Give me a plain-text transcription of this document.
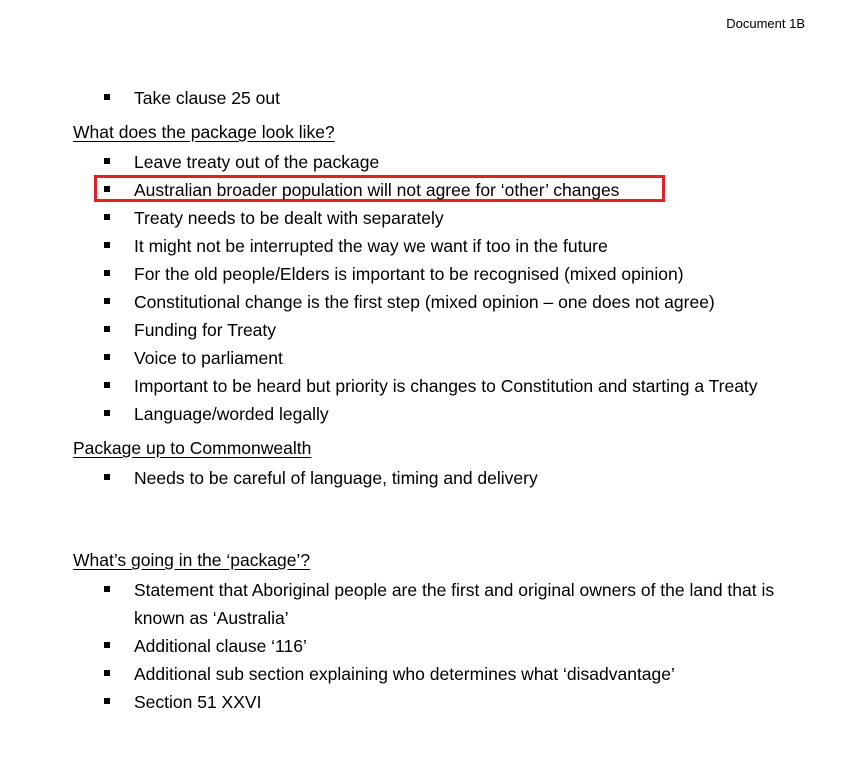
Document 1B
Take clause 25 out
What does the package look like?
Leave treaty out of the package
Australian broader population will not agree for ‘other’ changes
Treaty needs to be dealt with separately
It might not be interrupted the way we want if too in the future
For the old people/Elders is important to be recognised (mixed opinion)
Constitutional change is the first step (mixed opinion – one does not agree)
Funding for Treaty
Voice to parliament
Important to be heard but priority is changes to Constitution and starting a Treaty
Language/worded legally
Package up to Commonwealth
Needs to be careful of language, timing and delivery
What’s going in the ‘package’?
Statement that Aboriginal people are the first and original owners of the land that is known as ‘Australia’
Additional clause ‘116’
Additional sub section explaining who determines what ‘disadvantage’
Section 51 XXVI
